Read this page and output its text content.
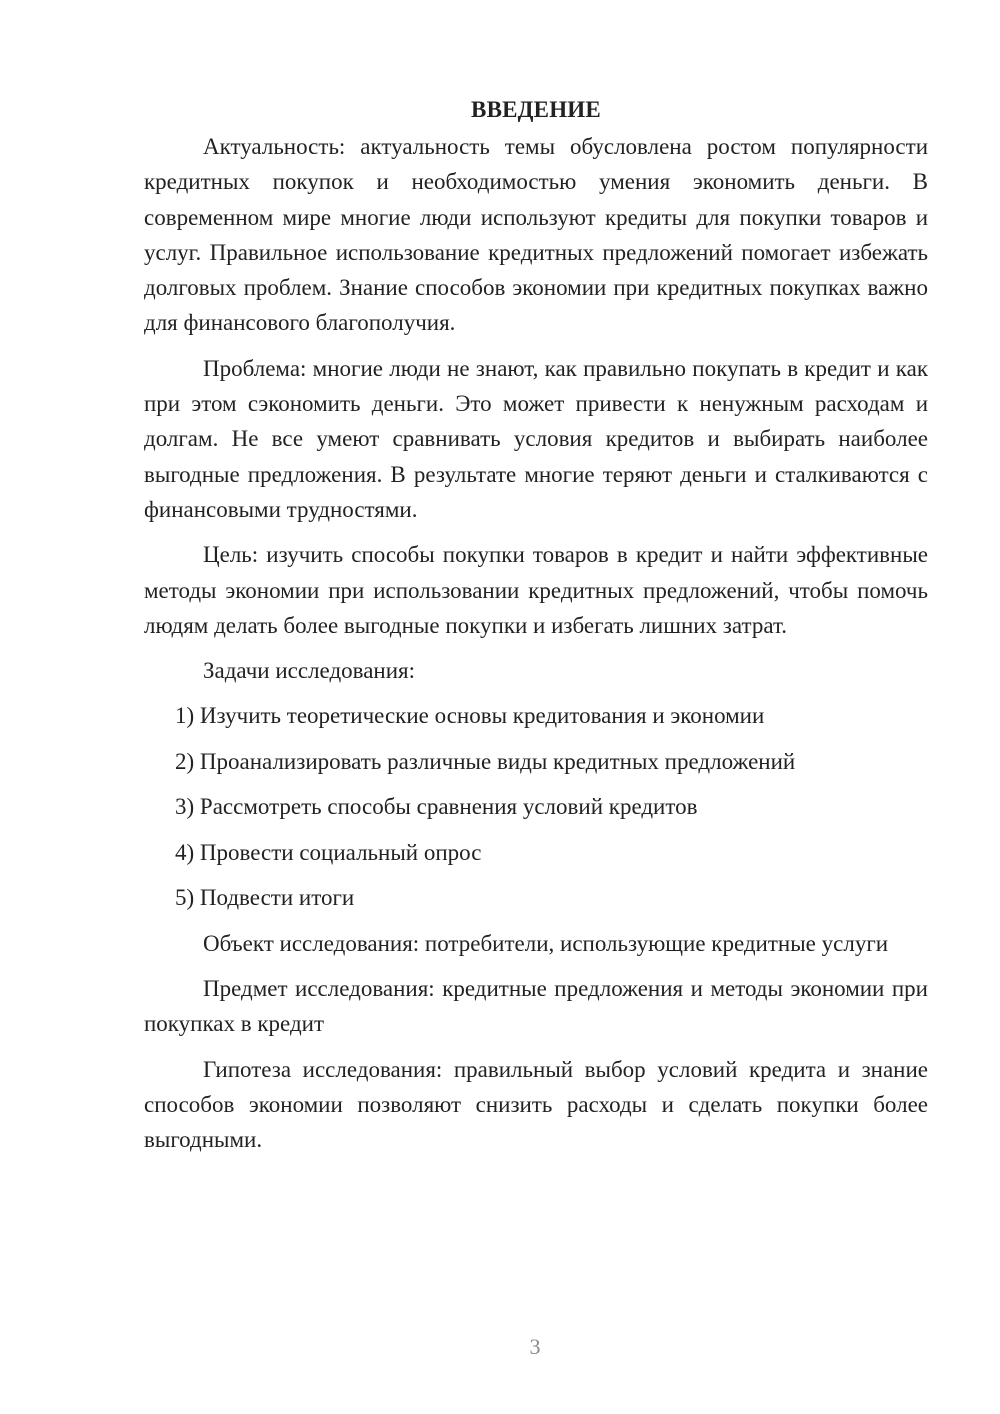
ВВЕДЕНИЕ

Актуальность: актуальность темы обусловлена ростом популярности кредитных покупок и необходимостью умения экономить деньги. В современном мире многие люди используют кредиты для покупки товаров и услуг. Правильное использование кредитных предложений помогает избежать долговых проблем. Знание способов экономии при кредитных покупках важно для финансового благополучия.

Проблема: многие люди не знают, как правильно покупать в кредит и как при этом сэкономить деньги. Это может привести к ненужным расходам и долгам. Не все умеют сравнивать условия кредитов и выбирать наиболее выгодные предложения. В результате многие теряют деньги и сталкиваются с финансовыми трудностями.

Цель: изучить способы покупки товаров в кредит и найти эффективные методы экономии при использовании кредитных предложений, чтобы помочь людям делать более выгодные покупки и избегать лишних затрат.

Задачи исследования:

1) Изучить теоретические основы кредитования и экономии
2) Проанализировать различные виды кредитных предложений
3) Рассмотреть способы сравнения условий кредитов
4) Провести социальный опрос
5) Подвести итоги

Объект исследования: потребители, использующие кредитные услуги

Предмет исследования: кредитные предложения и методы экономии при покупках в кредит

Гипотеза исследования: правильный выбор условий кредита и знание способов экономии позволяют снизить расходы и сделать покупки более выгодными.

3
